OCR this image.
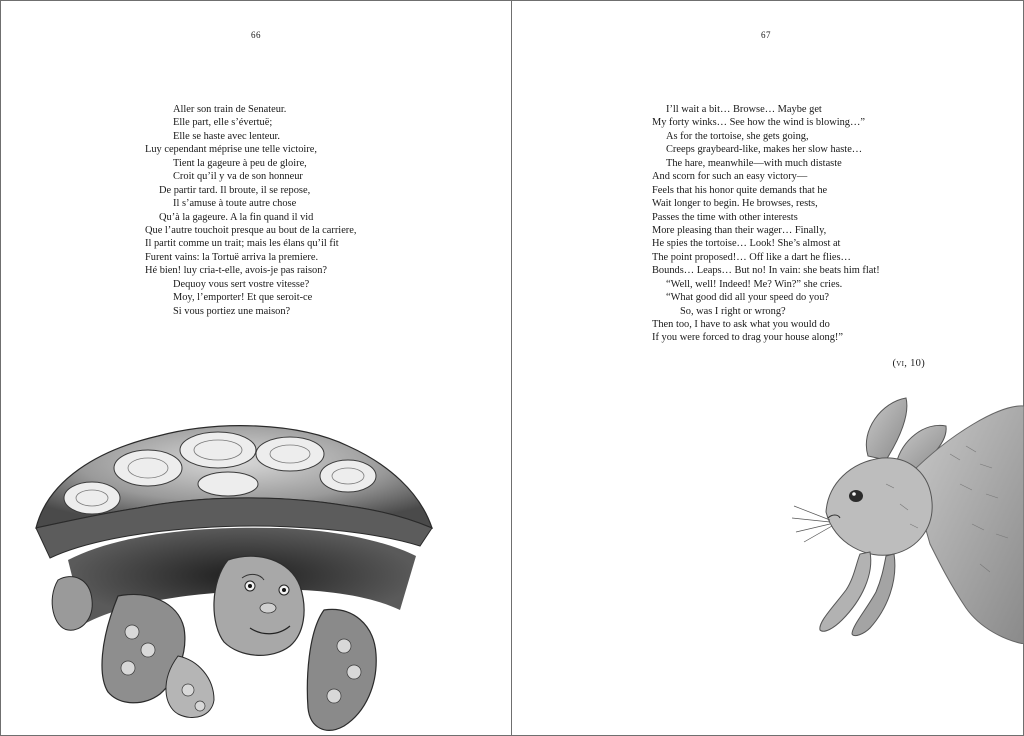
66
Aller son train de Senateur.
Elle part, elle s’évertuë;
Elle se haste avec lenteur.
Luy cependant méprise une telle victoire,
Tient la gageure à peu de gloire,
Croit qu’il y va de son honneur
De partir tard. Il broute, il se repose,
Il s’amuse à toute autre chose
Qu’à la gageure. A la fin quand il vid
Que l’autre touchoit presque au bout de la carriere,
Il partit comme un trait; mais les élans qu’il fit
Furent vains: la Tortuë arriva la premiere.
Hé bien! luy cria-t-elle, avois-je pas raison?
Dequoy vous sert vostre vitesse?
Moy, l’emporter! Et que seroit-ce
Si vous portiez une maison?
67
I’ll wait a bit… Browse… Maybe get
My forty winks… See how the wind is blowing…”
As for the tortoise, she gets going,
Creeps graybeard-like, makes her slow haste…
The hare, meanwhile—with much distaste
And scorn for such an easy victory—
Feels that his honor quite demands that he
Wait longer to begin. He browses, rests,
Passes the time with other interests
More pleasing than their wager… Finally,
He spies the tortoise… Look! She’s almost at
The point proposed!… Off like a dart he flies…
Bounds… Leaps… But no! In vain: she beats him flat!
“Well, well! Indeed! Me? Win?” she cries.
“What good did all your speed do you?
So, was I right or wrong?
Then too, I have to ask what you would do
If you were forced to drag your house along!”
(vi, 10)
